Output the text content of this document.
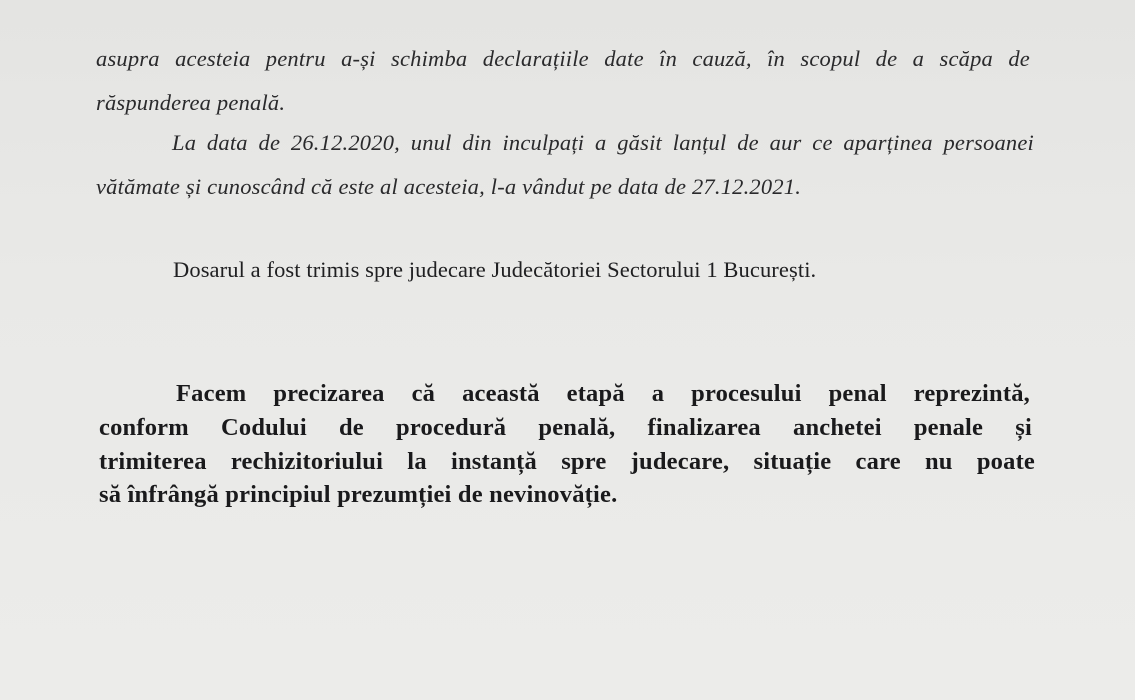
asupra acesteia pentru a-și schimba declarațiile date în cauză, în scopul de a scăpa de

răspunderea penală.

La data de 26.12.2020, unul din inculpați a găsit lanțul de aur ce aparținea persoanei

vătămate și cunoscând că este al acesteia, l-a vândut pe data de 27.12.2021.

Dosarul a fost trimis spre judecare Judecătoriei Sectorului 1 București.

Facem precizarea că această etapă a procesului penal reprezintă,

conform Codului de procedură penală, finalizarea anchetei penale și

trimiterea rechizitoriului la instanță spre judecare, situație care nu poate

să înfrângă principiul prezumției de nevinovăție.
